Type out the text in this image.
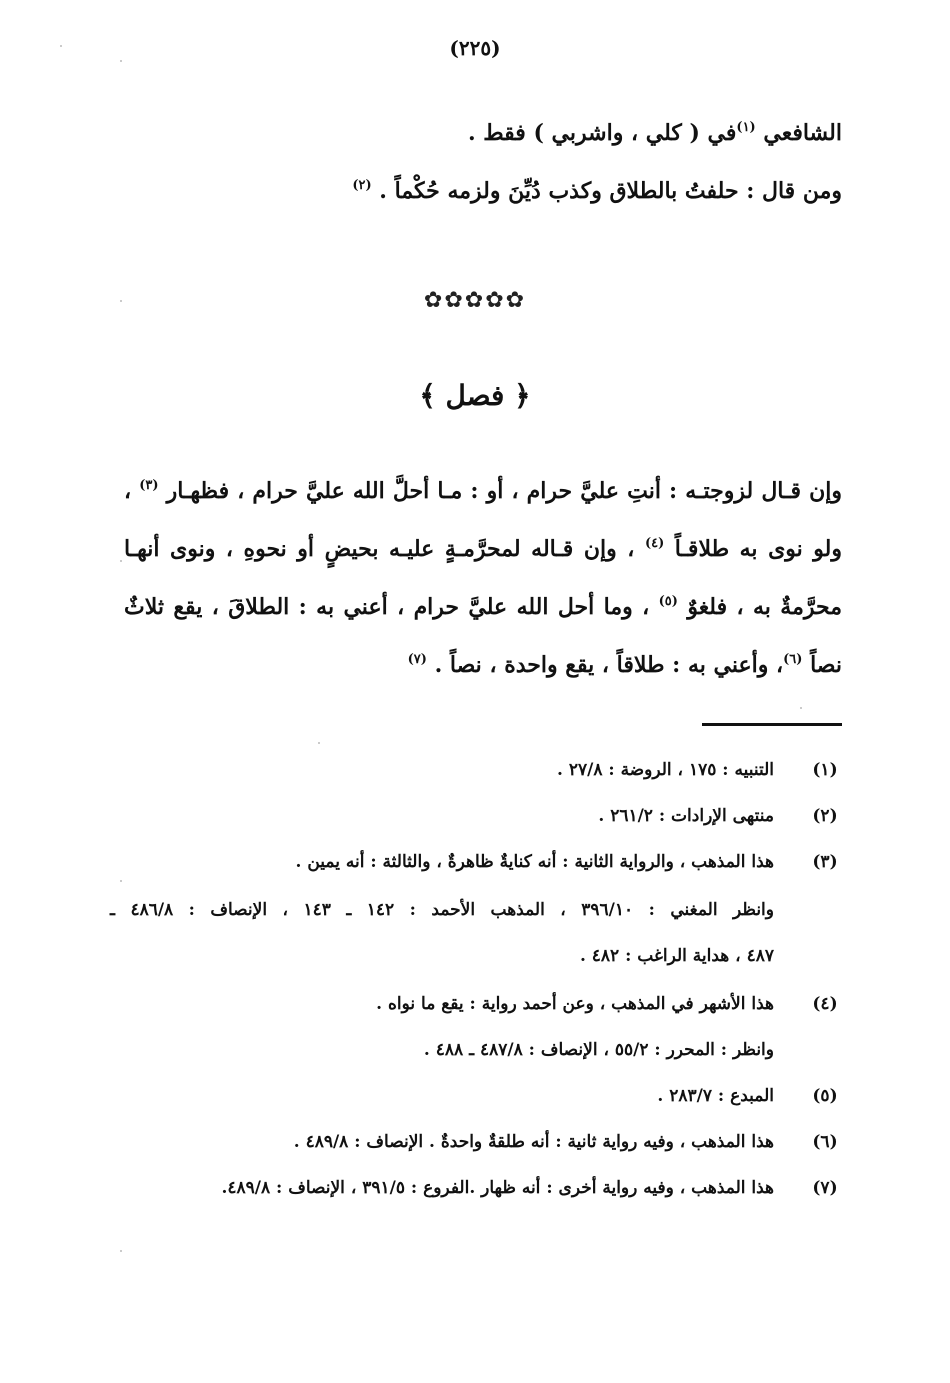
(٢٢٥)
الشافعي $^{(١)}$في ( كلي ، واشربي ) فقط .
ومن قال : حلفتُ بالطلاق وكذب دُيِّنَ ولزمه حُكْماً . $^{(٢)}$
✿✿✿✿✿
﴿ فصل ﴾
وإن قـال لزوجتـه : أنتِ عليَّ حرام ، أو : مـا أحلَّ الله عليَّ حرام ، فظهـار $^{(٣)}$ ،
ولو نوى به طلاقـاً $^{(٤)}$ ، وإن قـاله لمحرَّمـةٍ عليـه بحيضٍ أو نحوهِ ، ونوى أنهـا
محرَّمةٌ به ، فلغوٌ $^{(٥)}$ ، وما أحل الله عليَّ حرام ، أعني به : الطلاقَ ، يقع ثلاثٌ
نصاً $^{(٦)}$، وأعني به : طلاقاً ، يقع واحدة ، نصاً . $^{(٧)}$
(١)
التنبيه : ١٧٥ ، الروضة : ٢٧/٨ .
(٢)
منتهى الإرادات : ٢٦١/٢ .
(٣)
هذا المذهب ، والرواية الثانية : أنه كنايةٌ ظاهرةٌ ، والثالثة : أنه يمين .
وانظر المغني : ٣٩٦/١٠ ، المذهب الأحمد : ١٤٢ ـ ١٤٣ ، الإنصاف : ٤٨٦/٨ ـ
٤٨٧ ، هداية الراغب : ٤٨٢ .
(٤)
هذا الأشهر في المذهب ، وعن أحمد رواية : يقع ما نواه .
وانظر : المحرر : ٥٥/٢ ، الإنصاف : ٤٨٧/٨ ـ ٤٨٨ .
(٥)
المبدع : ٢٨٣/٧ .
(٦)
هذا المذهب ، وفيه رواية ثانية : أنه طلقةٌ واحدةٌ . الإنصاف : ٤٨٩/٨ .
(٧)
هذا المذهب ، وفيه رواية أخرى : أنه ظهار .الفروع : ٣٩١/٥ ، الإنصاف : ٤٨٩/٨.
